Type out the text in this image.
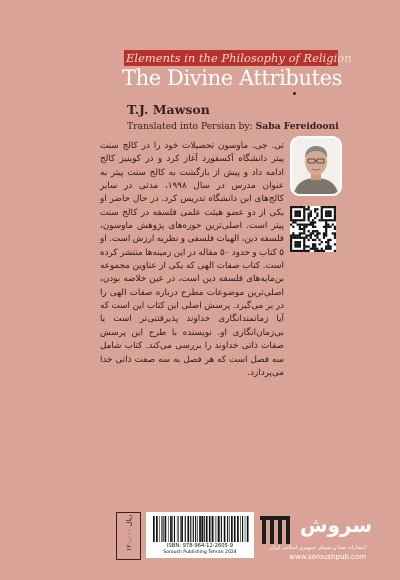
Elements in the Philosophy of Religion
The Divine Attributes
T.J. Mawson
Translated into Persian by: Saba Fereidooni
تی. جی. ماوسون تحصیلات خود را در کالج سنت پیتر دانشگاه آکسفورد آغاز کرد و در کوینیز کالج ادامه داد و پیش از بازگشت به کالج سنت پیتر به عنوان مدرس در سال ۱۹۹۸، مدتی در سایر کالج‌های این دانشگاه تدریس کرد. در حال حاضر او یکی از دو عضو هیئت علمی فلسفه در کالج سنت پیتر است. اصلی‌ترین حوزه‌های پژوهش ماوسون، فلسفه دین، الهیات فلسفی و نظریه ارزش است. او ۵ کتاب و حدود ۵۰ مقاله در این زمینه‌ها منتشر کرده است. کتاب صفات الهی که یکی از عناوین مجموعه بن‌مایه‌های فلسفه دین است، در عین خلاصه بودن، اصلی‌ترین موضوعات مطرح درباره صفات الهی را در بر می‌گیرد. پرسش اصلی این کتاب این است که آیا زمانمندانگاری خداوند پذیرفتنی‌تر است یا بی‌زمان‌انگاری او. نویسنده با طرح این پرسش صفات ذاتی خداوند را بررسی می‌کند. کتاب شامل سه فصل است که هر فصل به سه صفت ذاتی خدا می‌پردازد.
۱۲۰,۰۰۰ ریال
ISBN: 978-964-12-2605-9
Soroush Publishing Tehran 2024
سروش
انتشارات صدا و سیمای جمهوری اسلامی ایران
www.soroushpub.com
